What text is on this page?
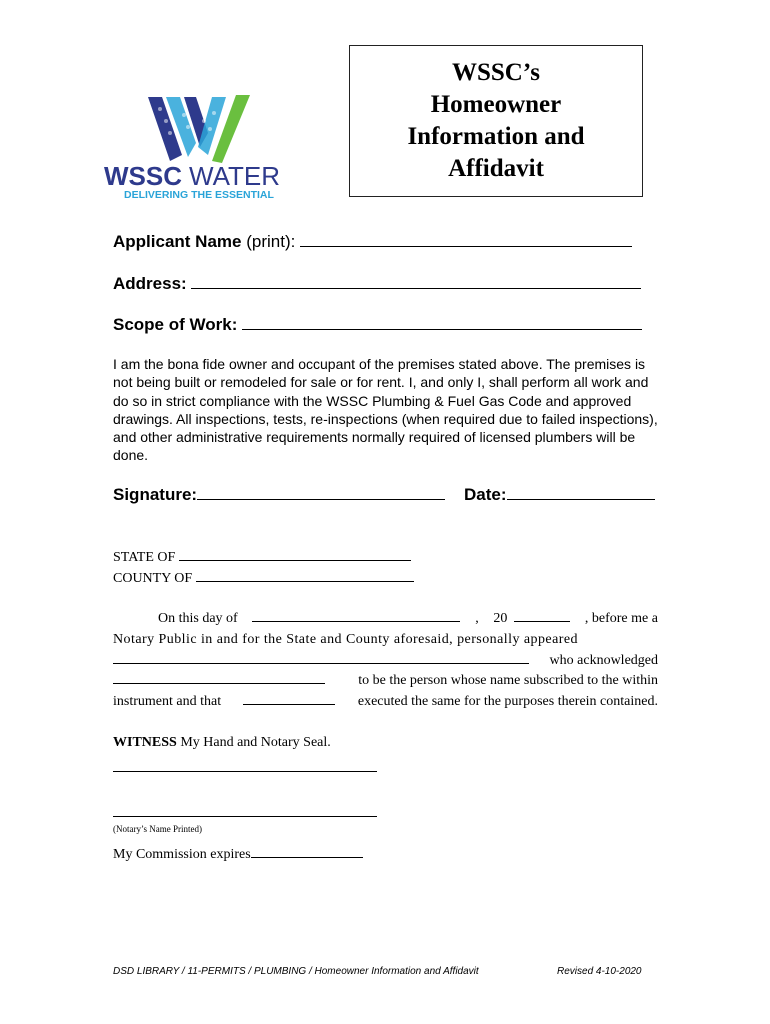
WSSC WATER
DELIVERING THE ESSENTIAL
WSSC’s
Homeowner
Information and
Affidavit
Applicant Name (print):
Address:
Scope of Work:
I am the bona fide owner and occupant of the premises stated above. The premises is not being built or remodeled for sale or for rent. I, and only I, shall perform all work and do so in strict compliance with the WSSC Plumbing & Fuel Gas Code and approved drawings. All inspections, tests, re-inspections (when required due to failed inspections), and other administrative requirements normally required of licensed plumbers will be done.
Signature:	Date:
STATE OF
COUNTY OF
On this day of	, 20	, before me a
Notary Public in and for the State and County aforesaid, personally appeared
who acknowledged
to be the person whose name subscribed to the within
instrument and that	executed the same for the purposes therein contained.
WITNESS My Hand and Notary Seal.
(Notary’s Name Printed)
My Commission expires
DSD LIBRARY / 11-PERMITS / PLUMBING / Homeowner Information and Affidavit	Revised 4-10-2020
